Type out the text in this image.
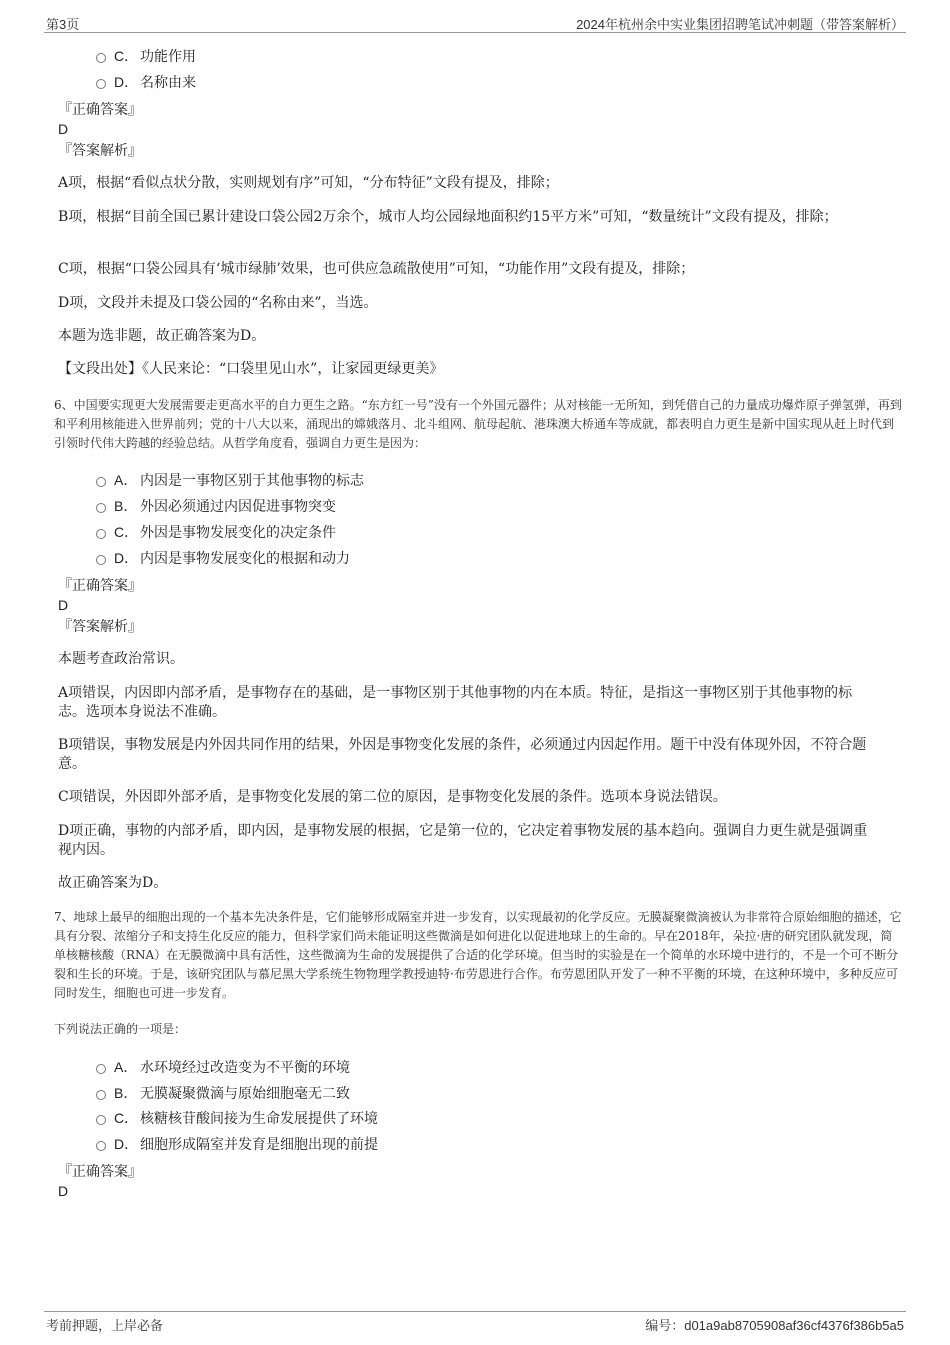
第3页	2024年杭州余中实业集团招聘笔试冲刺题（带答案解析）
C． 功能作用
D． 名称由来
『正确答案』
D
『答案解析』
A项，根据“看似点状分散，实则规划有序”可知，“分布特征”文段有提及，排除；
B项，根据“目前全国已累计建设口袋公园2万余个，城市人均公园绿地面积约15平方米”可知，“数量统计”文段有提及，排除；
C项，根据“口袋公园具有‘城市绿肺’效果，也可供应急疏散使用”可知，“功能作用”文段有提及，排除；
D项，文段并未提及口袋公园的“名称由来”，当选。
本题为选非题，故正确答案为D。
【文段出处】《人民来论：“口袋里见山水”，让家园更绿更美》
6、中国要实现更大发展需要走更高水平的自力更生之路。“东方红一号”没有一个外国元器件；从对核能一无所知，到凭借自己的力量成功爆炸原子弹氢弹，再到和平利用核能进入世界前列；党的十八大以来，涌现出的嫦娥落月、北斗组网、航母起航、港珠澳大桥通车等成就，都表明自力更生是新中国实现从赶上时代到引领时代伟大跨越的经验总结。从哲学角度看，强调自力更生是因为：
A． 内因是一事物区别于其他事物的标志
B． 外因必须通过内因促进事物突变
C． 外因是事物发展变化的决定条件
D． 内因是事物发展变化的根据和动力
『正确答案』
D
『答案解析』
本题考查政治常识。
A项错误，内因即内部矛盾，是事物存在的基础，是一事物区别于其他事物的内在本质。特征，是指这一事物区别于其他事物的标志。选项本身说法不准确。
B项错误，事物发展是内外因共同作用的结果，外因是事物变化发展的条件，必须通过内因起作用。题干中没有体现外因，不符合题意。
C项错误，外因即外部矛盾，是事物变化发展的第二位的原因，是事物变化发展的条件。选项本身说法错误。
D项正确，事物的内部矛盾，即内因，是事物发展的根据，它是第一位的，它决定着事物发展的基本趋向。强调自力更生就是强调重视内因。
故正确答案为D。
7、地球上最早的细胞出现的一个基本先决条件是，它们能够形成隔室并进一步发育，以实现最初的化学反应。无膜凝聚微滴被认为非常符合原始细胞的描述，它具有分裂、浓缩分子和支持生化反应的能力，但科学家们尚未能证明这些微滴是如何进化以促进地球上的生命的。早在2018年，朵拉·唐的研究团队就发现，简单核糖核酸（RNA）在无膜微滴中具有活性，这些微滴为生命的发展提供了合适的化学环境。但当时的实验是在一个简单的水环境中进行的，不是一个可不断分裂和生长的环境。于是，该研究团队与慕尼黑大学系统生物物理学教授迪特·布劳恩进行合作。布劳恩团队开发了一种不平衡的环境，在这种环境中，多种反应可同时发生，细胞也可进一步发育。
下列说法正确的一项是：
A． 水环境经过改造变为不平衡的环境
B． 无膜凝聚微滴与原始细胞毫无二致
C． 核糖核苷酸间接为生命发展提供了环境
D． 细胞形成隔室并发育是细胞出现的前提
『正确答案』
D
考前押题，上岸必备	编号：d01a9ab8705908af36cf4376f386b5a5
